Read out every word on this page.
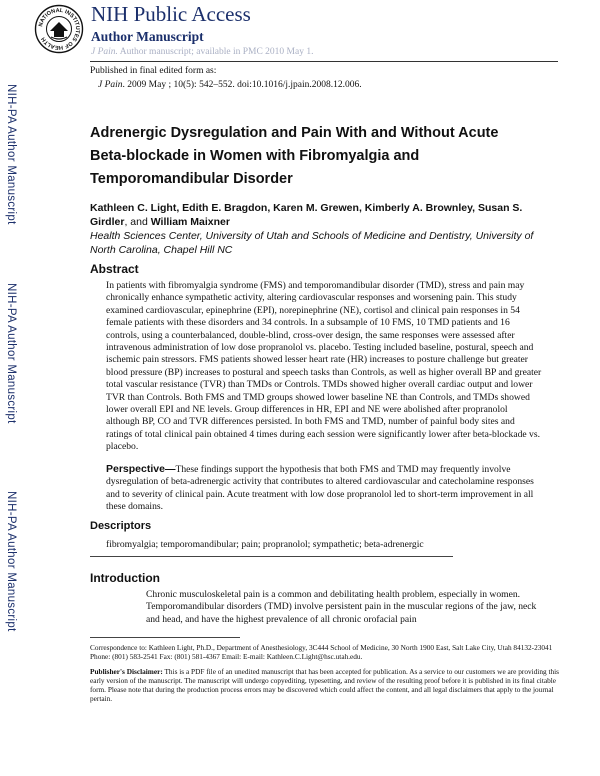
NATIONAL INSTITUTES OF HEALTH
NIH Public Access
Author Manuscript
J Pain. Author manuscript; available in PMC 2010 May 1.
Published in final edited form as:
J Pain. 2009 May ; 10(5): 542–552. doi:10.1016/j.jpain.2008.12.006.
NIH-PA Author Manuscript
NIH-PA Author Manuscript
NIH-PA Author Manuscript
Adrenergic Dysregulation and Pain With and Without Acute Beta-blockade in Women with Fibromyalgia and Temporomandibular Disorder
Kathleen C. Light, Edith E. Bragdon, Karen M. Grewen, Kimberly A. Brownley, Susan S. Girdler, and William Maixner
Health Sciences Center, University of Utah and Schools of Medicine and Dentistry, University of North Carolina, Chapel Hill NC
Abstract

In patients with fibromyalgia syndrome (FMS) and temporomandibular disorder (TMD), stress and pain may chronically enhance sympathetic activity, altering cardiovascular responses and worsening pain. This study examined cardiovascular, epinephrine (EPI), norepinephrine (NE), cortisol and clinical pain responses in 54 female patients with these disorders and 34 controls. In a subsample of 10 FMS, 10 TMD patients and 16 controls, using a counterbalanced, double-blind, cross-over design, the same responses were assessed after intravenous administration of low dose propranolol vs. placebo. Testing included baseline, postural, speech and ischemic pain stressors. FMS patients showed lesser heart rate (HR) increases to posture challenge but greater blood pressure (BP) increases to postural and speech tasks than Controls, as well as higher overall BP and greater total vascular resistance (TVR) than TMDs or Controls. TMDs showed higher overall cardiac output and lower TVR than Controls. Both FMS and TMD groups showed lower baseline NE than Controls, and TMDs showed lower overall EPI and NE levels. Group differences in HR, EPI and NE were abolished after propranolol although BP, CO and TVR differences persisted. In both FMS and TMD, number of painful body sites and ratings of total clinical pain obtained 4 times during each session were significantly lower after beta-blockade vs. placebo.

Perspective—These findings support the hypothesis that both FMS and TMD may frequently involve dysregulation of beta-adrenergic activity that contributes to altered cardiovascular and catecholamine responses and to severity of clinical pain. Acute treatment with low dose propranolol led to short-term improvement in all these domains.

Descriptors
fibromyalgia; temporomandibular; pain; propranolol; sympathetic; beta-adrenergic
Introduction

Chronic musculoskeletal pain is a common and debilitating health problem, especially in women. Temporomandibular disorders (TMD) involve persistent pain in the muscular regions of the jaw, neck and head, and have the highest prevalence of all chronic orofacial pain

Correspondence to: Kathleen Light, Ph.D., Department of Anesthesiology, 3C444 School of Medicine, 30 North 1900 East, Salt Lake City, Utah 84132-23041 Phone: (801) 583-2541 Fax: (801) 581-4367 Email: E-mail: Kathleen.C.Light@hsc.utah.edu.

Publisher's Disclaimer: This is a PDF file of an unedited manuscript that has been accepted for publication. As a service to our customers we are providing this early version of the manuscript. The manuscript will undergo copyediting, typesetting, and review of the resulting proof before it is published in its final citable form. Please note that during the production process errors may be discovered which could affect the content, and all legal disclaimers that apply to the journal pertain.
